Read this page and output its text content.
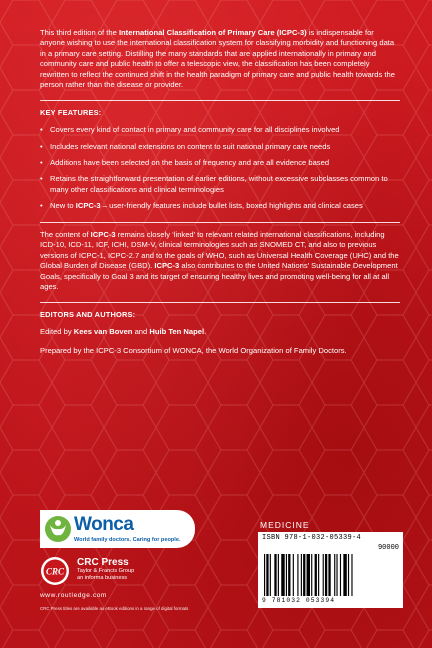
This third edition of the International Classification of Primary Care (ICPC-3) is indispensable for anyone wishing to use the international classification system for classifying morbidity and functioning data in a primary care setting. Distilling the many standards that are applied internationally in primary and community care and public health to offer a telescopic view, the classification has been completely rewritten to reflect the continued shift in the health paradigm of primary care and public health towards the person rather than the disease or provider.

KEY FEATURES:
• Covers every kind of contact in primary and community care for all disciplines involved
• Includes relevant national extensions on content to suit national primary care needs
• Additions have been selected on the basis of frequency and are all evidence based
• Retains the straightforward presentation of earlier editions, without excessive subclasses common to many other classifications and clinical terminologies
• New to ICPC-3 – user-friendly features include bullet lists, boxed highlights and clinical cases

The content of ICPC-3 remains closely ‘linked’ to relevant related international classifications, including ICD-10, ICD-11, ICF, ICHI, DSM-V, clinical terminologies such as SNOMED CT, and also to previous versions of ICPC-1, ICPC-2.7 and to the goals of WHO, such as Universal Health Coverage (UHC) and the Global Burden of Disease (GBD). ICPC-3 also contributes to the United Nations’ Sustainable Development Goals, specifically to Goal 3 and its target of ensuring healthy lives and promoting well-being for all at all ages.

EDITORS AND AUTHORS:

Edited by Kees van Boven and Huib Ten Napel.

Prepared by the ICPC-3 Consortium of WONCA, the World Organization of Family Doctors.

Wonca
World family doctors. Caring for people.
CRC
CRC Press
Taylor & Francis Group
an informa business
www.routledge.com
CRC Press titles are available as eBook editions in a range of digital formats
MEDICINE
ISBN 978-1-032-05339-4
90000
9 781032 053394
